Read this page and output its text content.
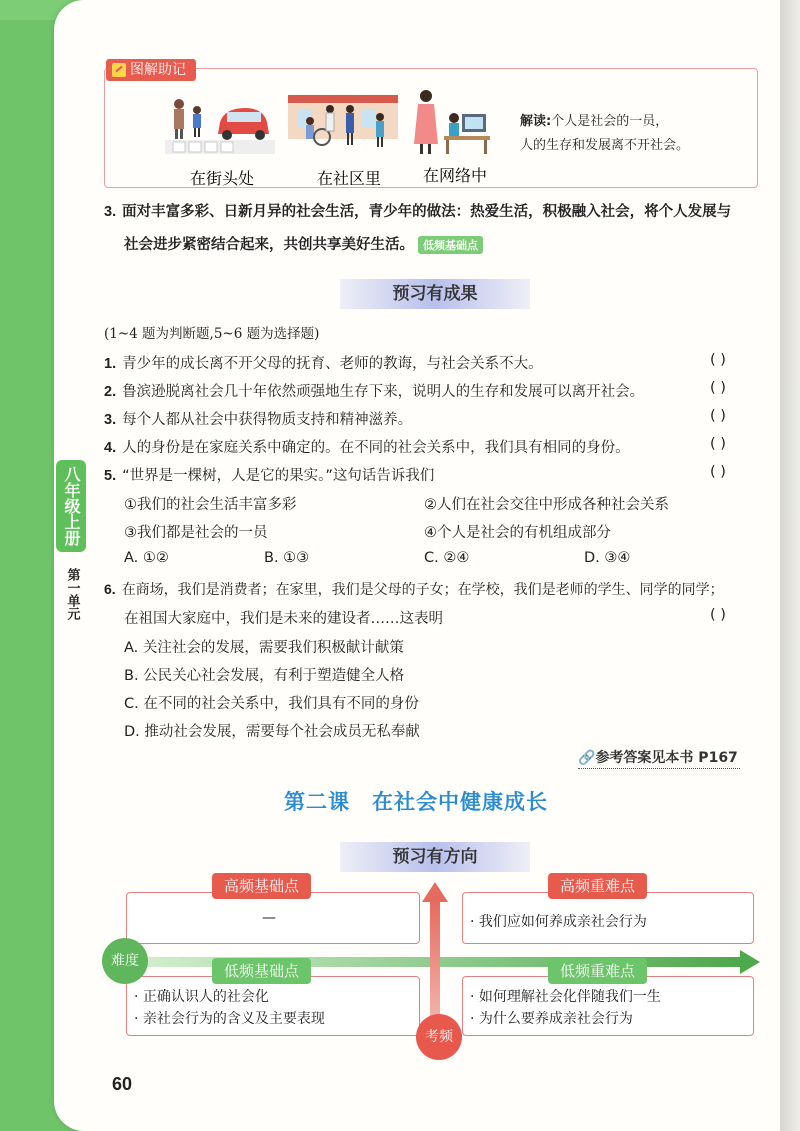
图解助记
在街头处	在社区里	在网络中
解读:个人是社会的一员，
人的生存和发展离不开社会。
3. 面对丰富多彩、日新月异的社会生活，青少年的做法：热爱生活，积极融入社会，将个人发展与
社会进步紧密结合起来，共创共享美好生活。 低频基础点
预习有成果
(1~4 题为判断题,5~6 题为选择题)
1. 青少年的成长离不开父母的抚育、老师的教诲，与社会关系不大。	( )
2. 鲁滨逊脱离社会几十年依然顽强地生存下来，说明人的生存和发展可以离开社会。	( )
3. 每个人都从社会中获得物质支持和精神滋养。	( )
4. 人的身份是在家庭关系中确定的。在不同的社会关系中，我们具有相同的身份。	( )
5. “世界是一棵树，人是它的果实。”这句话告诉我们	( )
①我们的社会生活丰富多彩	②人们在社会交往中形成各种社会关系
③我们都是社会的一员	④个人是社会的有机组成部分
A. ①②	B. ①③	C. ②④	D. ③④
6. 在商场，我们是消费者；在家里，我们是父母的子女；在学校，我们是老师的学生、同学的同学；
在祖国大家庭中，我们是未来的建设者……这表明	( )
A. 关注社会的发展，需要我们积极献计献策
B. 公民关心社会发展，有利于塑造健全人格
C. 在不同的社会关系中，我们具有不同的身份
D. 推动社会发展，需要每个社会成员无私奉献
八年级上册
第一单元
🔗参考答案见本书 P167
第二课　在社会中健康成长
预习有方向
高频基础点
—
高频重难点
· 我们应如何养成亲社会行为
低频基础点
· 正确认识人的社会化
· 亲社会行为的含义及主要表现
低频重难点
· 如何理解社会化伴随我们一生
· 为什么要养成亲社会行为
难度
考频
60
